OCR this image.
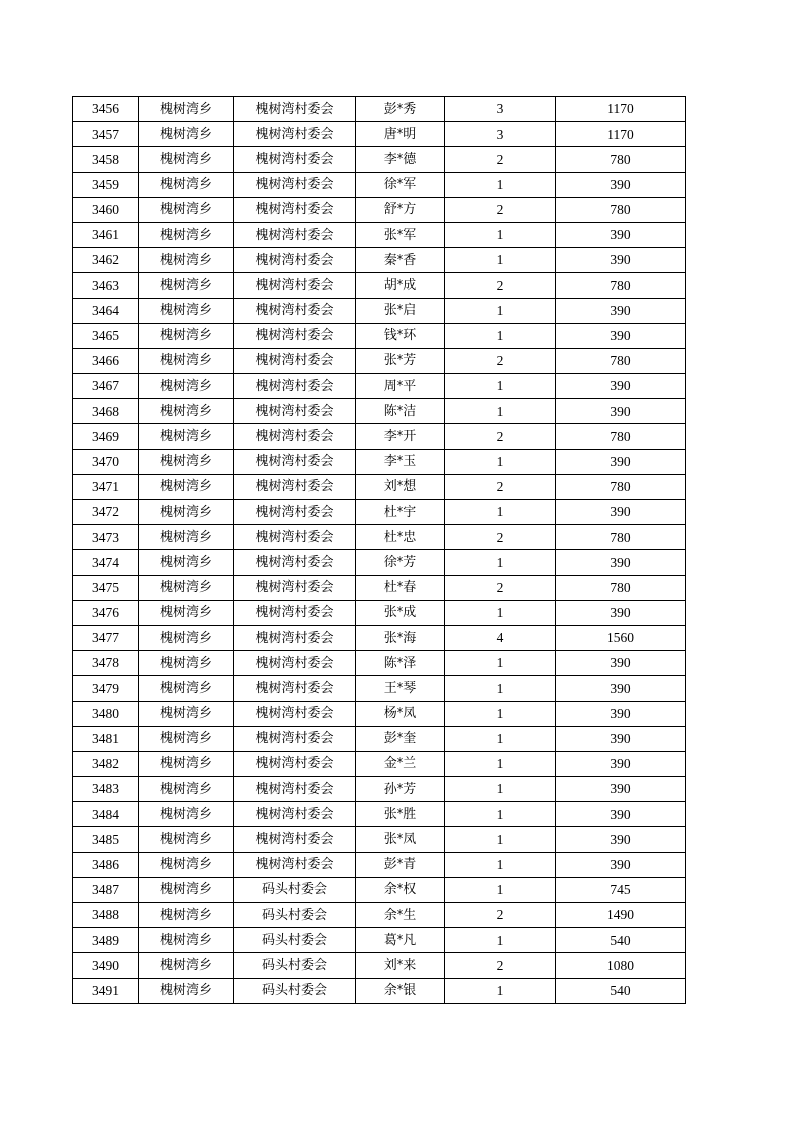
3456	槐树湾乡	槐树湾村委会	彭*秀	3	1170
3457	槐树湾乡	槐树湾村委会	唐*明	3	1170
3458	槐树湾乡	槐树湾村委会	李*德	2	780
3459	槐树湾乡	槐树湾村委会	徐*军	1	390
3460	槐树湾乡	槐树湾村委会	舒*方	2	780
3461	槐树湾乡	槐树湾村委会	张*军	1	390
3462	槐树湾乡	槐树湾村委会	秦*香	1	390
3463	槐树湾乡	槐树湾村委会	胡*成	2	780
3464	槐树湾乡	槐树湾村委会	张*启	1	390
3465	槐树湾乡	槐树湾村委会	钱*环	1	390
3466	槐树湾乡	槐树湾村委会	张*芳	2	780
3467	槐树湾乡	槐树湾村委会	周*平	1	390
3468	槐树湾乡	槐树湾村委会	陈*洁	1	390
3469	槐树湾乡	槐树湾村委会	李*开	2	780
3470	槐树湾乡	槐树湾村委会	李*玉	1	390
3471	槐树湾乡	槐树湾村委会	刘*想	2	780
3472	槐树湾乡	槐树湾村委会	杜*宇	1	390
3473	槐树湾乡	槐树湾村委会	杜*忠	2	780
3474	槐树湾乡	槐树湾村委会	徐*芳	1	390
3475	槐树湾乡	槐树湾村委会	杜*春	2	780
3476	槐树湾乡	槐树湾村委会	张*成	1	390
3477	槐树湾乡	槐树湾村委会	张*海	4	1560
3478	槐树湾乡	槐树湾村委会	陈*泽	1	390
3479	槐树湾乡	槐树湾村委会	王*琴	1	390
3480	槐树湾乡	槐树湾村委会	杨*凤	1	390
3481	槐树湾乡	槐树湾村委会	彭*奎	1	390
3482	槐树湾乡	槐树湾村委会	金*兰	1	390
3483	槐树湾乡	槐树湾村委会	孙*芳	1	390
3484	槐树湾乡	槐树湾村委会	张*胜	1	390
3485	槐树湾乡	槐树湾村委会	张*凤	1	390
3486	槐树湾乡	槐树湾村委会	彭*青	1	390
3487	槐树湾乡	码头村委会	余*权	1	745
3488	槐树湾乡	码头村委会	余*生	2	1490
3489	槐树湾乡	码头村委会	葛*凡	1	540
3490	槐树湾乡	码头村委会	刘*来	2	1080
3491	槐树湾乡	码头村委会	余*银	1	540
